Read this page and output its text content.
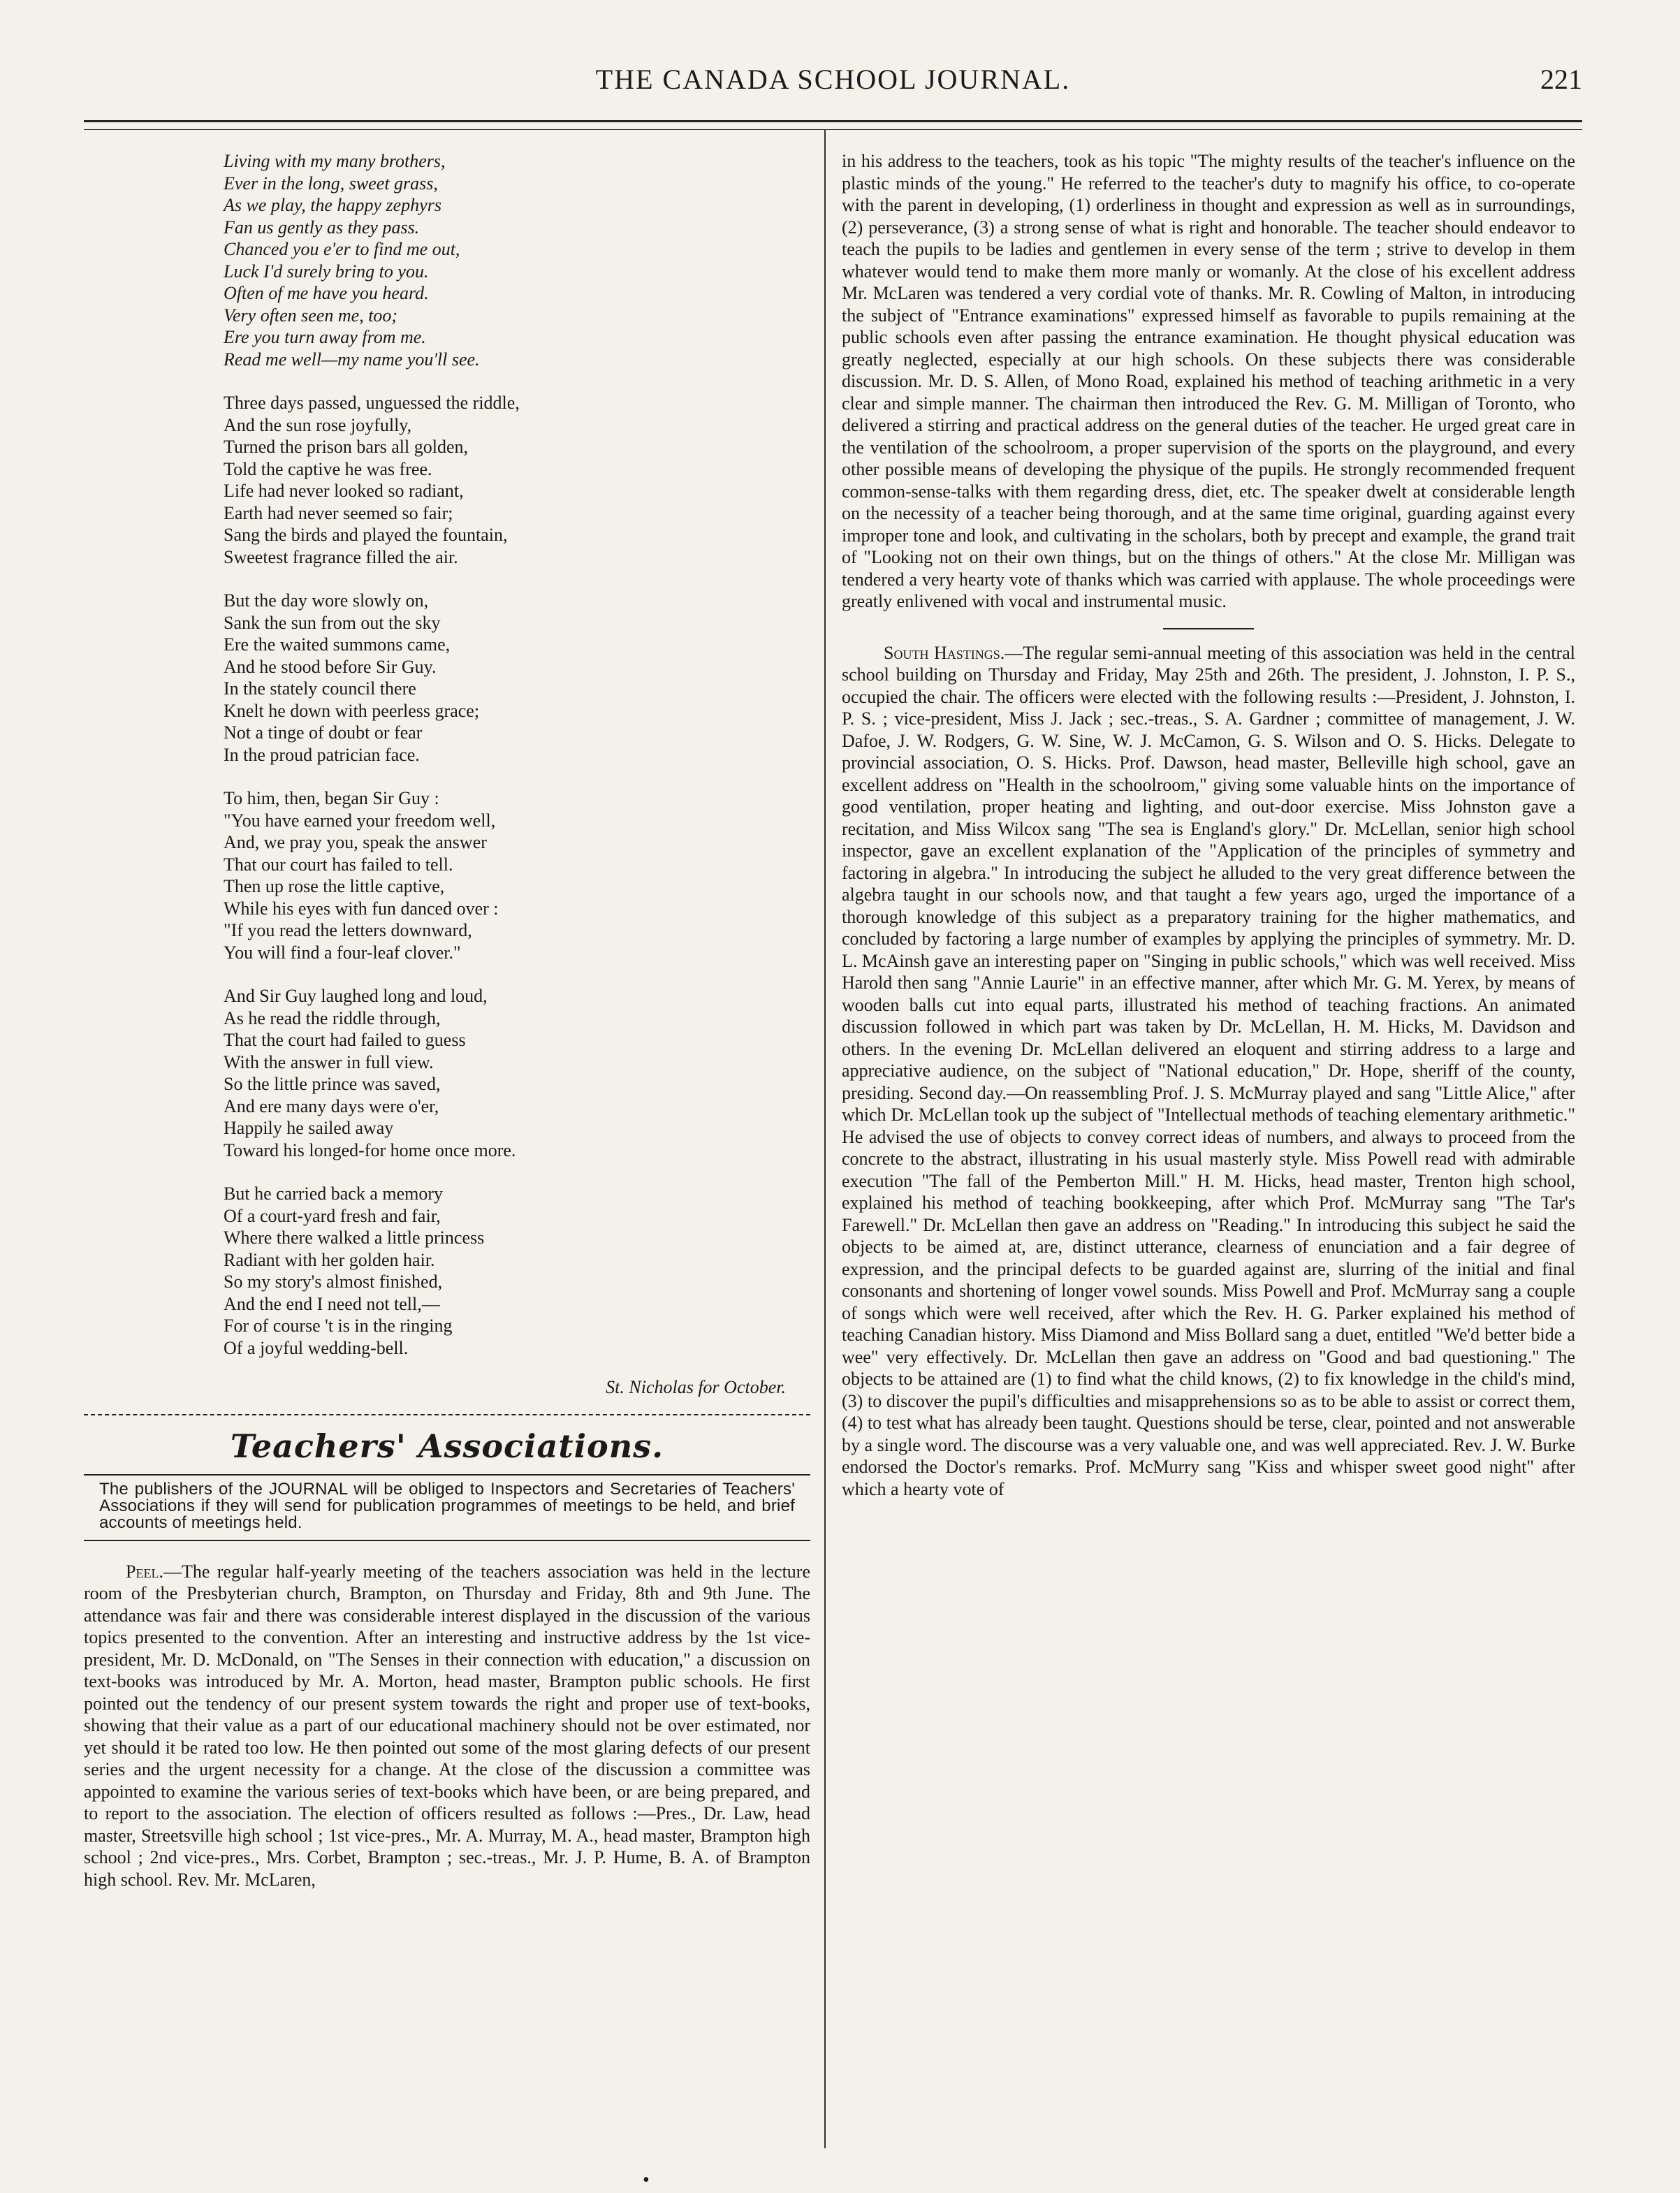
THE CANADA SCHOOL JOURNAL.	221
Living with my many brothers,
Ever in the long, sweet grass,
As we play, the happy zephyrs
Fan us gently as they pass.
Chanced you e'er to find me out,
Luck I'd surely bring to you.
Often of me have you heard.
Very often seen me, too;
Ere you turn away from me.
Read me well—my name you'll see.
Three days passed, unguessed the riddle,
And the sun rose joyfully,
Turned the prison bars all golden,
Told the captive he was free.
Life had never looked so radiant,
Earth had never seemed so fair;
Sang the birds and played the fountain,
Sweetest fragrance filled the air.
But the day wore slowly on,
Sank the sun from out the sky
Ere the waited summons came,
And he stood before Sir Guy.
In the stately council there
Knelt he down with peerless grace;
Not a tinge of doubt or fear
In the proud patrician face.
To him, then, began Sir Guy :
"You have earned your freedom well,
And, we pray you, speak the answer
That our court has failed to tell.
Then up rose the little captive,
While his eyes with fun danced over :
"If you read the letters downward,
You will find a four-leaf clover."
And Sir Guy laughed long and loud,
As he read the riddle through,
That the court had failed to guess
With the answer in full view.
So the little prince was saved,
And ere many days were o'er,
Happily he sailed away
Toward his longed-for home once more.
But he carried back a memory
Of a court-yard fresh and fair,
Where there walked a little princess
Radiant with her golden hair.
So my story's almost finished,
And the end I need not tell,—
For of course 't is in the ringing
Of a joyful wedding-bell.
St. Nicholas for October.
Teachers' Associations.
The publishers of the JOURNAL will be obliged to Inspectors and Secretaries of Teachers' Associations if they will send for publication programmes of meetings to be held, and brief accounts of meetings held.

Peel.—The regular half-yearly meeting of the teachers association was held in the lecture room of the Presbyterian church, Brampton, on Thursday and Friday, 8th and 9th June. The attendance was fair and there was considerable interest displayed in the discussion of the various topics presented to the convention. After an interesting and instructive address by the 1st vice-president, Mr. D. McDonald, on "The Senses in their connection with education," a discussion on text-books was introduced by Mr. A. Morton, head master, Brampton public schools. He first pointed out the tendency of our present system towards the right and proper use of text-books, showing that their value as a part of our educational machinery should not be over estimated, nor yet should it be rated too low. He then pointed out some of the most glaring defects of our present series and the urgent necessity for a change. At the close of the discussion a committee was appointed to examine the various series of text-books which have been, or are being prepared, and to report to the association. The election of officers resulted as follows :—Pres., Dr. Law, head master, Streetsville high school ; 1st vice-pres., Mr. A. Murray, M. A., head master, Brampton high school ; 2nd vice-pres., Mrs. Corbet, Brampton ; sec.-treas., Mr. J. P. Hume, B. A. of Brampton high school. Rev. Mr. McLaren,

in his address to the teachers, took as his topic "The mighty results of the teacher's influence on the plastic minds of the young." He referred to the teacher's duty to magnify his office, to co-operate with the parent in developing, (1) orderliness in thought and expression as well as in surroundings, (2) perseverance, (3) a strong sense of what is right and honorable. The teacher should endeavor to teach the pupils to be ladies and gentlemen in every sense of the term ; strive to develop in them whatever would tend to make them more manly or womanly. At the close of his excellent address Mr. McLaren was tendered a very cordial vote of thanks. Mr. R. Cowling of Malton, in introducing the subject of "Entrance examinations" expressed himself as favorable to pupils remaining at the public schools even after passing the entrance examination. He thought physical education was greatly neglected, especially at our high schools. On these subjects there was considerable discussion. Mr. D. S. Allen, of Mono Road, explained his method of teaching arithmetic in a very clear and simple manner. The chairman then introduced the Rev. G. M. Milligan of Toronto, who delivered a stirring and practical address on the general duties of the teacher. He urged great care in the ventilation of the schoolroom, a proper supervision of the sports on the playground, and every other possible means of developing the physique of the pupils. He strongly recommended frequent common-sense-talks with them regarding dress, diet, etc. The speaker dwelt at considerable length on the necessity of a teacher being thorough, and at the same time original, guarding against every improper tone and look, and cultivating in the scholars, both by precept and example, the grand trait of "Looking not on their own things, but on the things of others." At the close Mr. Milligan was tendered a very hearty vote of thanks which was carried with applause. The whole proceedings were greatly enlivened with vocal and instrumental music.

South Hastings.—The regular semi-annual meeting of this association was held in the central school building on Thursday and Friday, May 25th and 26th. The president, J. Johnston, I. P. S., occupied the chair. The officers were elected with the following results :—President, J. Johnston, I. P. S. ; vice-president, Miss J. Jack ; sec.-treas., S. A. Gardner ; committee of management, J. W. Dafoe, J. W. Rodgers, G. W. Sine, W. J. McCamon, G. S. Wilson and O. S. Hicks. Delegate to provincial association, O. S. Hicks. Prof. Dawson, head master, Belleville high school, gave an excellent address on "Health in the schoolroom," giving some valuable hints on the importance of good ventilation, proper heating and lighting, and out-door exercise. Miss Johnston gave a recitation, and Miss Wilcox sang "The sea is England's glory." Dr. McLellan, senior high school inspector, gave an excellent explanation of the "Application of the principles of symmetry and factoring in algebra." In introducing the subject he alluded to the very great difference between the algebra taught in our schools now, and that taught a few years ago, urged the importance of a thorough knowledge of this subject as a preparatory training for the higher mathematics, and concluded by factoring a large number of examples by applying the principles of symmetry. Mr. D. L. McAinsh gave an interesting paper on "Singing in public schools," which was well received. Miss Harold then sang "Annie Laurie" in an effective manner, after which Mr. G. M. Yerex, by means of wooden balls cut into equal parts, illustrated his method of teaching fractions. An animated discussion followed in which part was taken by Dr. McLellan, H. M. Hicks, M. Davidson and others. In the evening Dr. McLellan delivered an eloquent and stirring address to a large and appreciative audience, on the subject of "National education," Dr. Hope, sheriff of the county, presiding. Second day.—On reassembling Prof. J. S. McMurray played and sang "Little Alice," after which Dr. McLellan took up the subject of "Intellectual methods of teaching elementary arithmetic." He advised the use of objects to convey correct ideas of numbers, and always to proceed from the concrete to the abstract, illustrating in his usual masterly style. Miss Powell read with admirable execution "The fall of the Pemberton Mill." H. M. Hicks, head master, Trenton high school, explained his method of teaching bookkeeping, after which Prof. McMurray sang "The Tar's Farewell." Dr. McLellan then gave an address on "Reading." In introducing this subject he said the objects to be aimed at, are, distinct utterance, clearness of enunciation and a fair degree of expression, and the principal defects to be guarded against are, slurring of the initial and final consonants and shortening of longer vowel sounds. Miss Powell and Prof. McMurray sang a couple of songs which were well received, after which the Rev. H. G. Parker explained his method of teaching Canadian history. Miss Diamond and Miss Bollard sang a duet, entitled "We'd better bide a wee" very effectively. Dr. McLellan then gave an address on "Good and bad questioning." The objects to be attained are (1) to find what the child knows, (2) to fix knowledge in the child's mind, (3) to discover the pupil's difficulties and misapprehensions so as to be able to assist or correct them, (4) to test what has already been taught. Questions should be terse, clear, pointed and not answerable by a single word. The discourse was a very valuable one, and was well appreciated. Rev. J. W. Burke endorsed the Doctor's remarks. Prof. McMurry sang "Kiss and whisper sweet good night" after which a hearty vote of

•
